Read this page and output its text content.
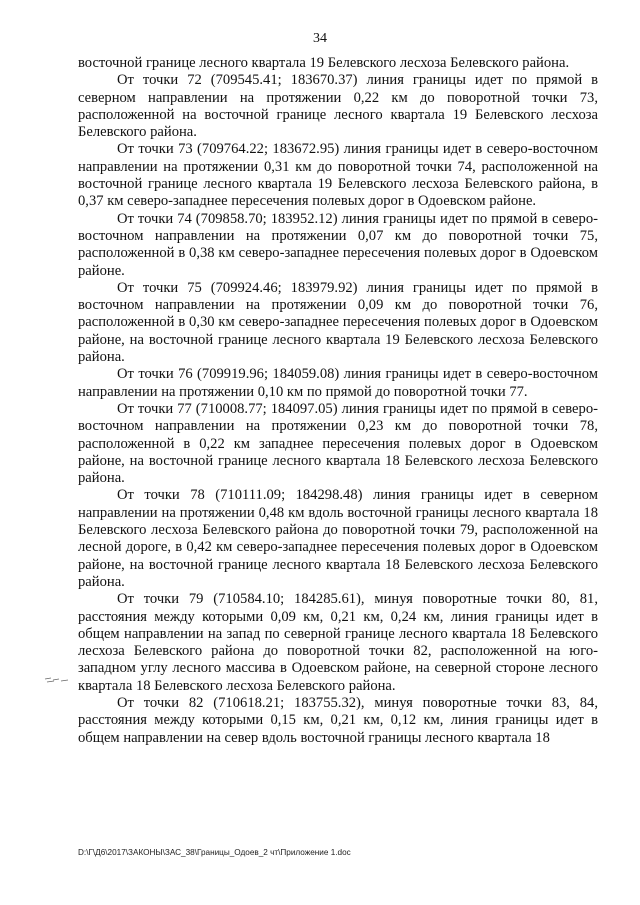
34

восточной границе лесного квартала 19 Белевского лесхоза Белевского района.

От точки 72 (709545.41; 183670.37) линия границы идет по прямой в северном направлении на протяжении 0,22 км до поворотной точки 73, расположенной на восточной границе лесного квартала 19 Белевского лесхоза Белевского района.

От точки 73 (709764.22; 183672.95) линия границы идет в северо-восточном направлении на протяжении 0,31 км до поворотной точки 74, расположенной на восточной границе лесного квартала 19 Белевского лесхоза Белевского района, в 0,37 км северо-западнее пересечения полевых дорог в Одоевском районе.

От точки 74 (709858.70; 183952.12) линия границы идет по прямой в северо-восточном направлении на протяжении 0,07 км до поворотной точки 75, расположенной в 0,38 км северо-западнее пересечения полевых дорог в Одоевском районе.

От точки 75 (709924.46; 183979.92) линия границы идет по прямой в восточном направлении на протяжении 0,09 км до поворотной точки 76, расположенной в 0,30 км северо-западнее пересечения полевых дорог в Одоевском районе, на восточной границе лесного квартала 19 Белевского лесхоза Белевского района.

От точки 76 (709919.96; 184059.08) линия границы идет в северо-восточном направлении на протяжении 0,10 км по прямой до поворотной точки 77.

От точки 77 (710008.77; 184097.05) линия границы идет по прямой в северо-восточном направлении на протяжении 0,23 км до поворотной точки 78, расположенной в 0,22 км западнее пересечения полевых дорог в Одоевском районе, на восточной границе лесного квартала 18 Белевского лесхоза Белевского района.

От точки 78 (710111.09; 184298.48) линия границы идет в северном направлении на протяжении 0,48 км вдоль восточной границы лесного квартала 18 Белевского лесхоза Белевского района до поворотной точки 79, расположенной на лесной дороге, в 0,42 км северо-западнее пересечения полевых дорог в Одоевском районе, на восточной границе лесного квартала 18 Белевского лесхоза Белевского района.

От точки 79 (710584.10; 184285.61), минуя поворотные точки 80, 81, расстояния между которыми 0,09 км, 0,21 км, 0,24 км, линия границы идет в общем направлении на запад по северной границе лесного квартала 18 Белевского лесхоза Белевского района до поворотной точки 82, расположенной на юго-западном углу лесного массива в Одоевском районе, на северной стороне лесного квартала 18 Белевского лесхоза Белевского района.

От точки 82 (710618.21; 183755.32), минуя поворотные точки 83, 84, расстояния между которыми 0,15 км, 0,21 км, 0,12 км, линия границы идет в общем направлении на север вдоль восточной границы лесного квартала 18

D:\Г\Д6\2017\ЗАКОНЫ\ЗАС_38\Границы_Одоев_2 чт\Приложение 1.doc
